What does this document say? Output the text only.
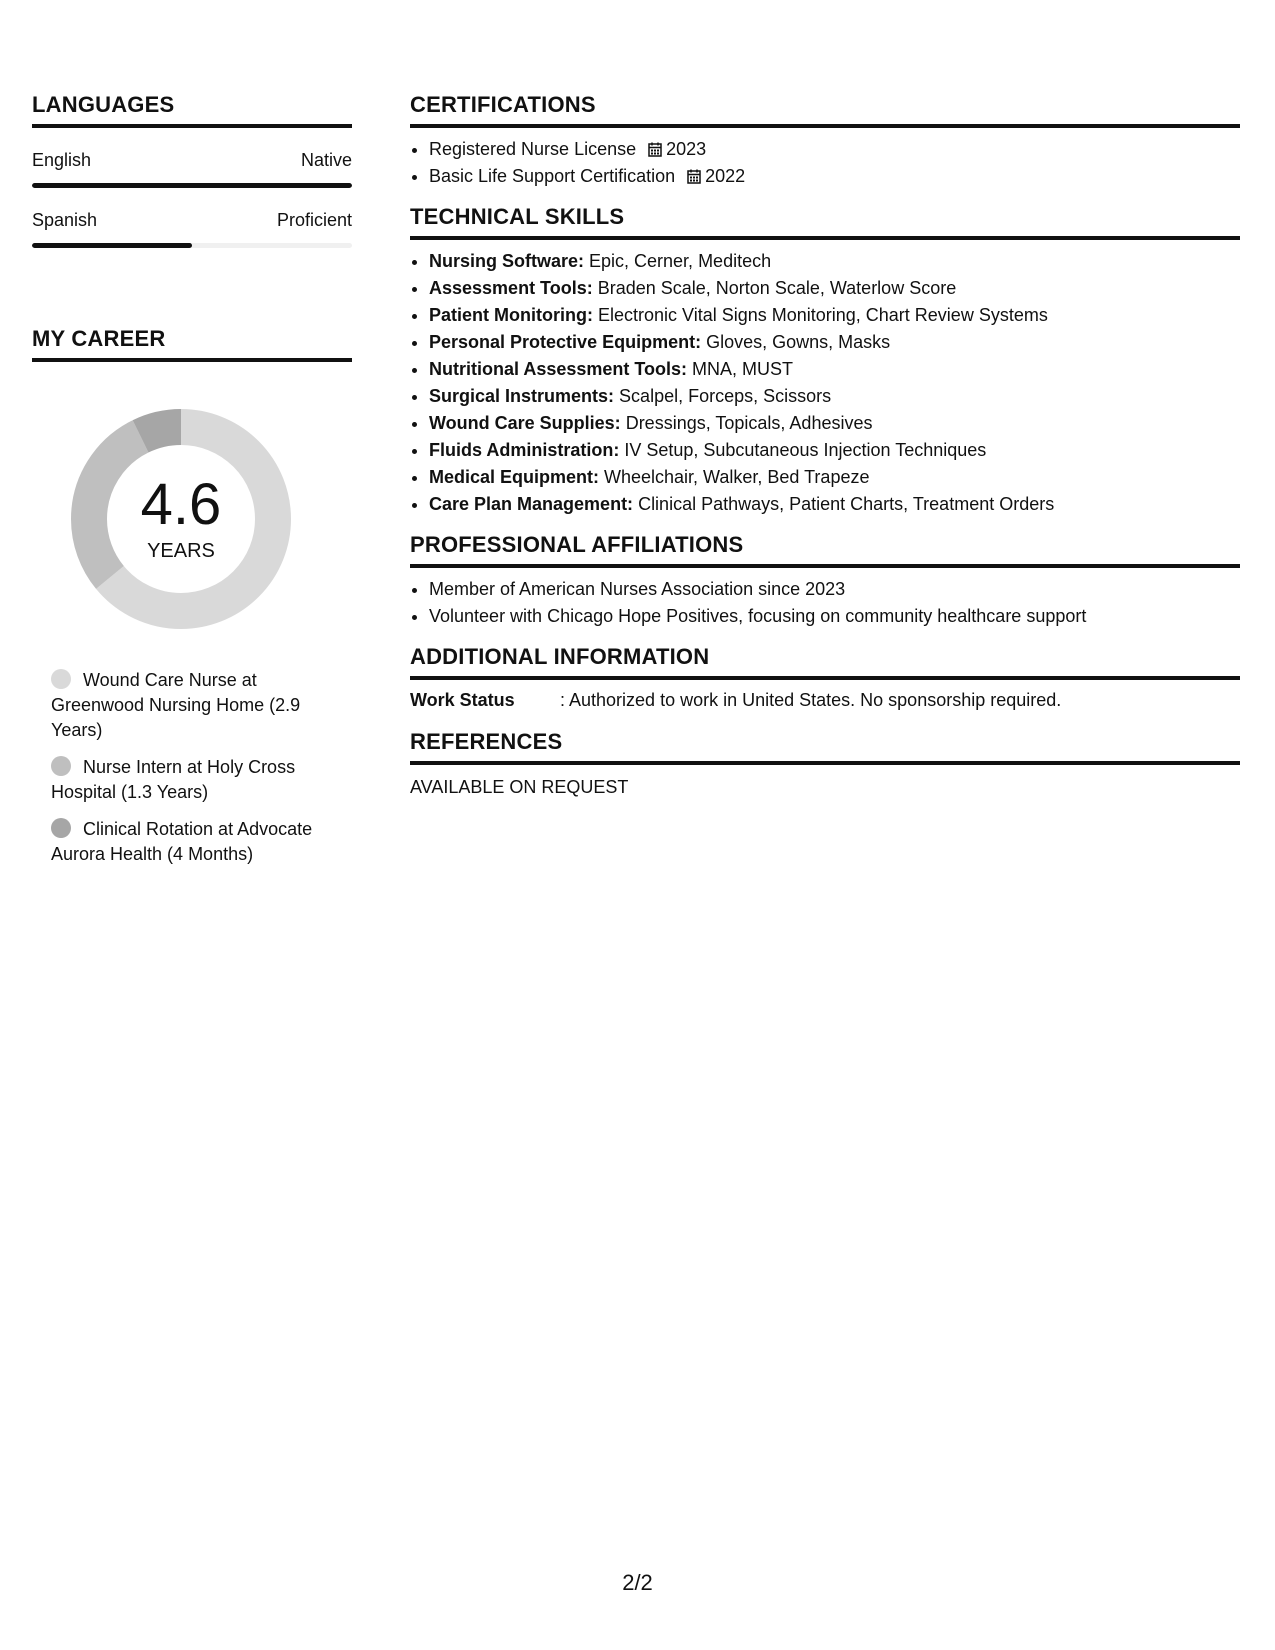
LANGUAGES
English	Native
Spanish	Proficient
MY CAREER
4.6
YEARS
Wound Care Nurse at Greenwood Nursing Home (2.9 Years)
Nurse Intern at Holy Cross Hospital (1.3 Years)
Clinical Rotation at Advocate Aurora Health (4 Months)
CERTIFICATIONS
• Registered Nurse License 2023
• Basic Life Support Certification 2022
TECHNICAL SKILLS
• Nursing Software: Epic, Cerner, Meditech
• Assessment Tools: Braden Scale, Norton Scale, Waterlow Score
• Patient Monitoring: Electronic Vital Signs Monitoring, Chart Review Systems
• Personal Protective Equipment: Gloves, Gowns, Masks
• Nutritional Assessment Tools: MNA, MUST
• Surgical Instruments: Scalpel, Forceps, Scissors
• Wound Care Supplies: Dressings, Topicals, Adhesives
• Fluids Administration: IV Setup, Subcutaneous Injection Techniques
• Medical Equipment: Wheelchair, Walker, Bed Trapeze
• Care Plan Management: Clinical Pathways, Patient Charts, Treatment Orders
PROFESSIONAL AFFILIATIONS
• Member of American Nurses Association since 2023
• Volunteer with Chicago Hope Positives, focusing on community healthcare support
ADDITIONAL INFORMATION
Work Status	: Authorized to work in United States. No sponsorship required.
REFERENCES

AVAILABLE ON REQUEST

2/2
